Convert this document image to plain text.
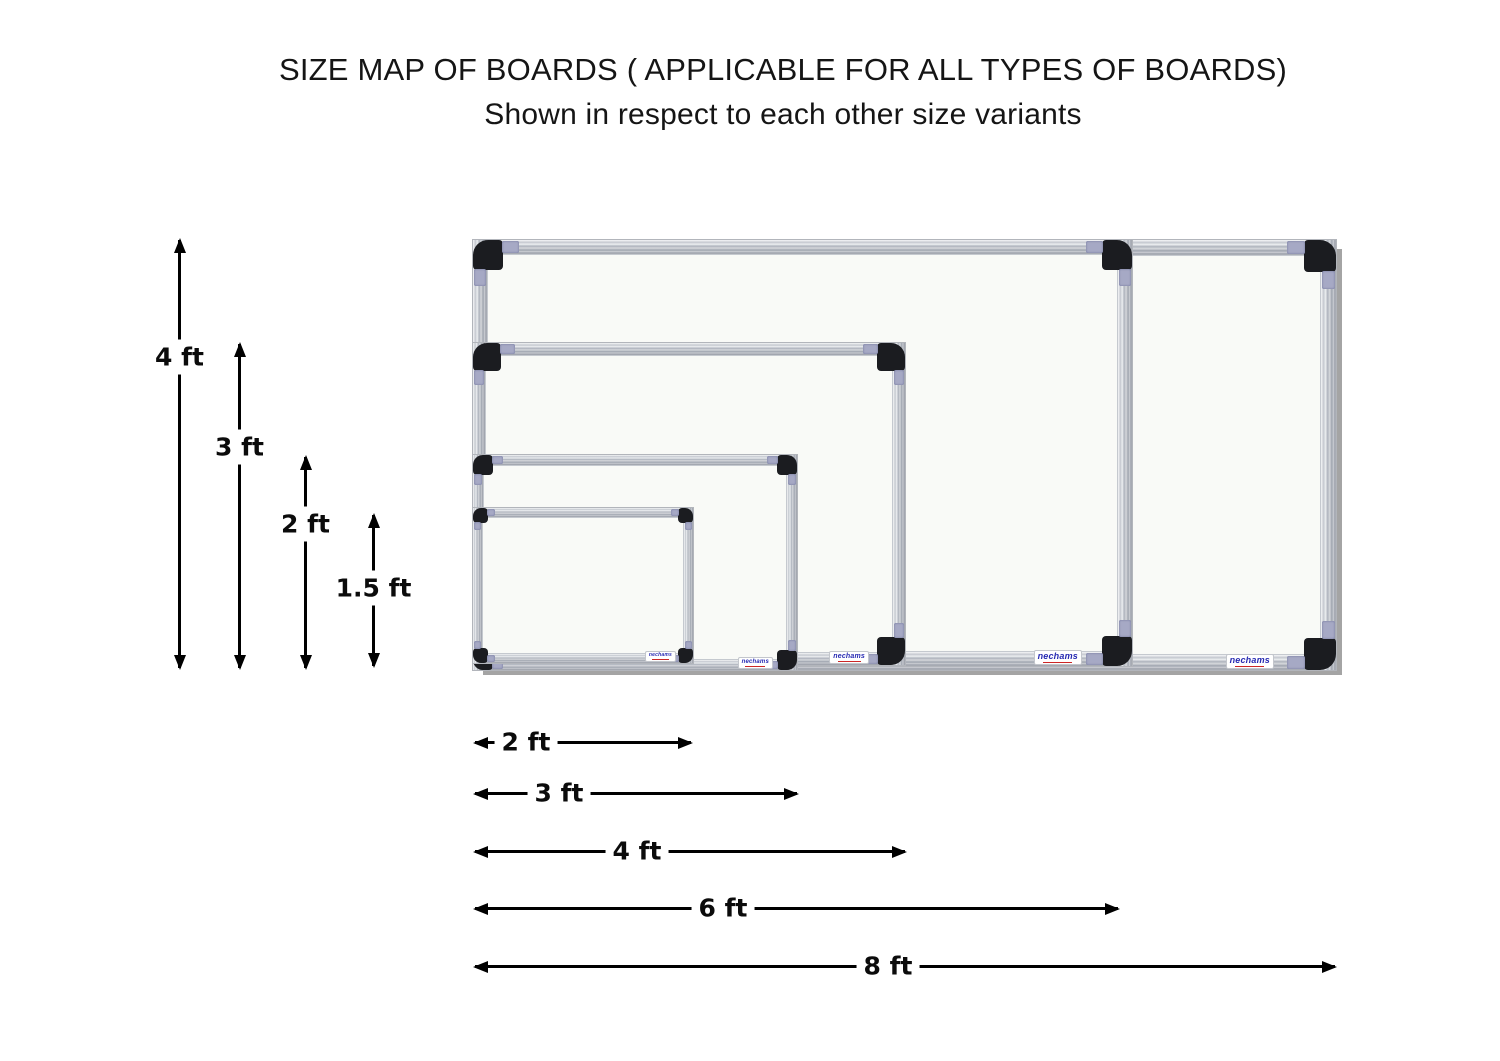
SIZE MAP OF BOARDS ( APPLICABLE FOR ALL TYPES OF BOARDS)
Shown in respect to each other size variants
nechams
nechams
nechams
nechams
nechams
4 ft
3 ft
2 ft
1.5 ft
2 ft
3 ft
4 ft
6 ft
8 ft
